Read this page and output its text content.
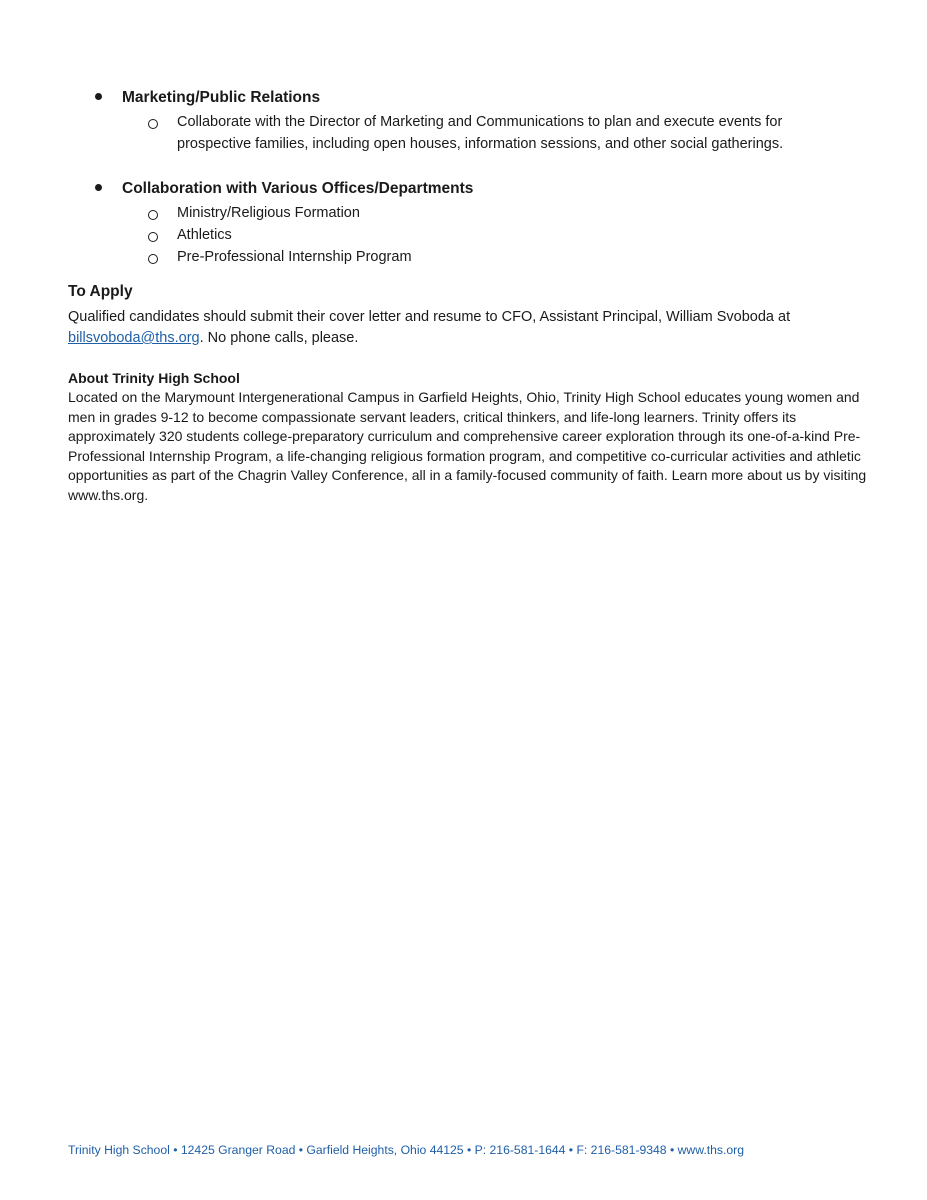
Marketing/Public Relations
Collaborate with the Director of Marketing and Communications to plan and execute events for prospective families, including open houses, information sessions, and other social gatherings.
Collaboration with Various Offices/Departments
Ministry/Religious Formation
Athletics
Pre-Professional Internship Program
To Apply
Qualified candidates should submit their cover letter and resume to CFO, Assistant Principal, William Svoboda at billsvoboda@ths.org. No phone calls, please.
About Trinity High School
Located on the Marymount Intergenerational Campus in Garfield Heights, Ohio, Trinity High School educates young women and men in grades 9-12 to become compassionate servant leaders, critical thinkers, and life-long learners. Trinity offers its approximately 320 students college-preparatory curriculum and comprehensive career exploration through its one-of-a-kind Pre-Professional Internship Program, a life-changing religious formation program, and competitive co-curricular activities and athletic opportunities as part of the Chagrin Valley Conference, all in a family-focused community of faith. Learn more about us by visiting www.ths.org.
Trinity High School • 12425 Granger Road • Garfield Heights, Ohio 44125 • P: 216-581-1644 • F: 216-581-9348 • www.ths.org
